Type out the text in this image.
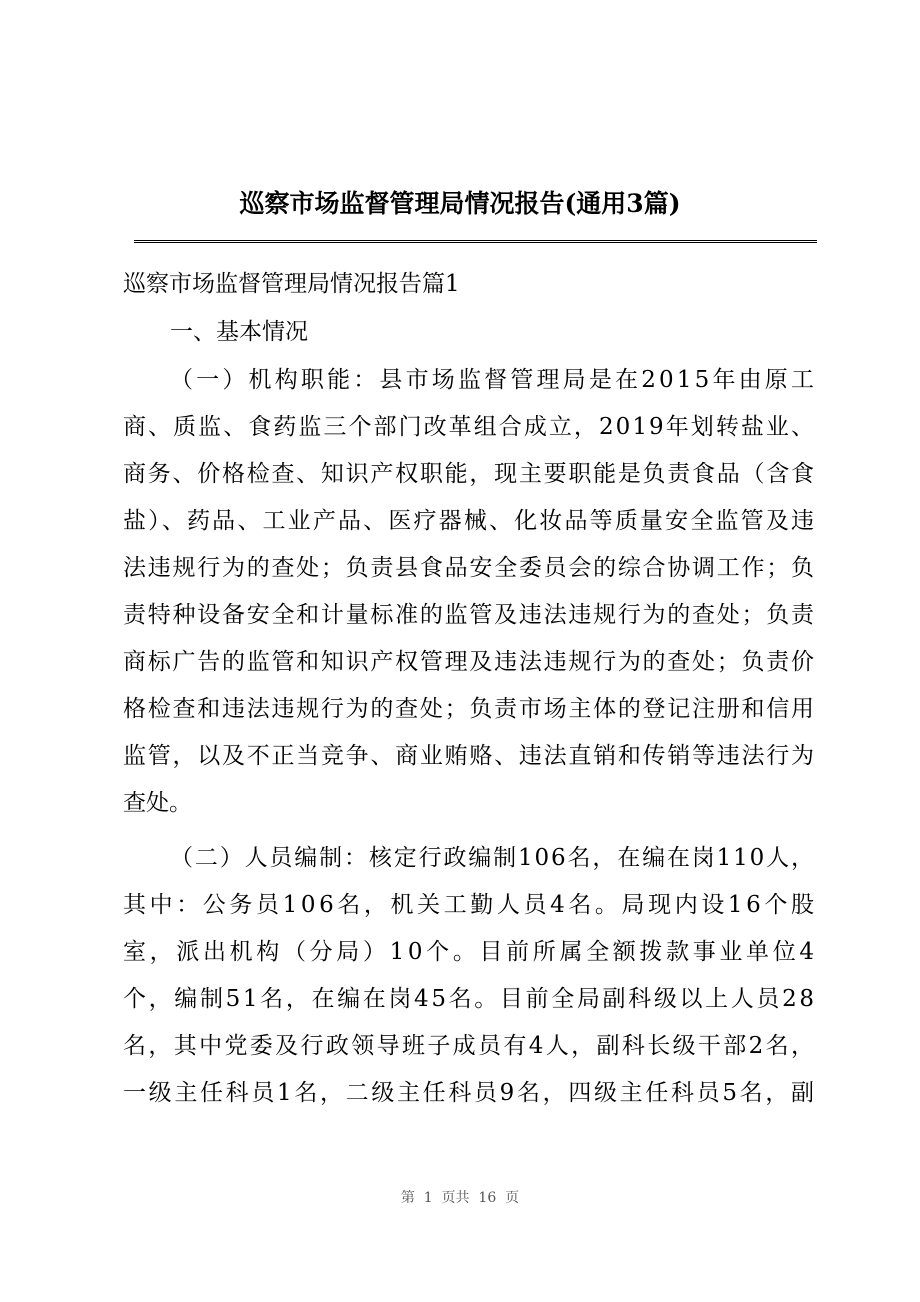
巡察市场监督管理局情况报告(通用3篇)
巡察市场监督管理局情况报告篇1
一、基本情况
（一）机构职能：县市场监督管理局是在2015年由原工
商、质监、食药监三个部门改革组合成立，2019年划转盐业、
商务、价格检查、知识产权职能，现主要职能是负责食品（含食
盐）、药品、工业产品、医疗器械、化妆品等质量安全监管及违
法违规行为的查处；负责县食品安全委员会的综合协调工作；负
责特种设备安全和计量标准的监管及违法违规行为的查处；负责
商标广告的监管和知识产权管理及违法违规行为的查处；负责价
格检查和违法违规行为的查处；负责市场主体的登记注册和信用
监管，以及不正当竞争、商业贿赂、违法直销和传销等违法行为
查处。
（二）人员编制：核定行政编制106名，在编在岗110人，
其中：公务员106名，机关工勤人员4名。局现内设16个股
室，派出机构（分局）10个。目前所属全额拨款事业单位4
个，编制51名，在编在岗45名。目前全局副科级以上人员28
名，其中党委及行政领导班子成员有4人，副科长级干部2名，
一级主任科员1名，二级主任科员9名，四级主任科员5名，副
第  1  页共  16  页
